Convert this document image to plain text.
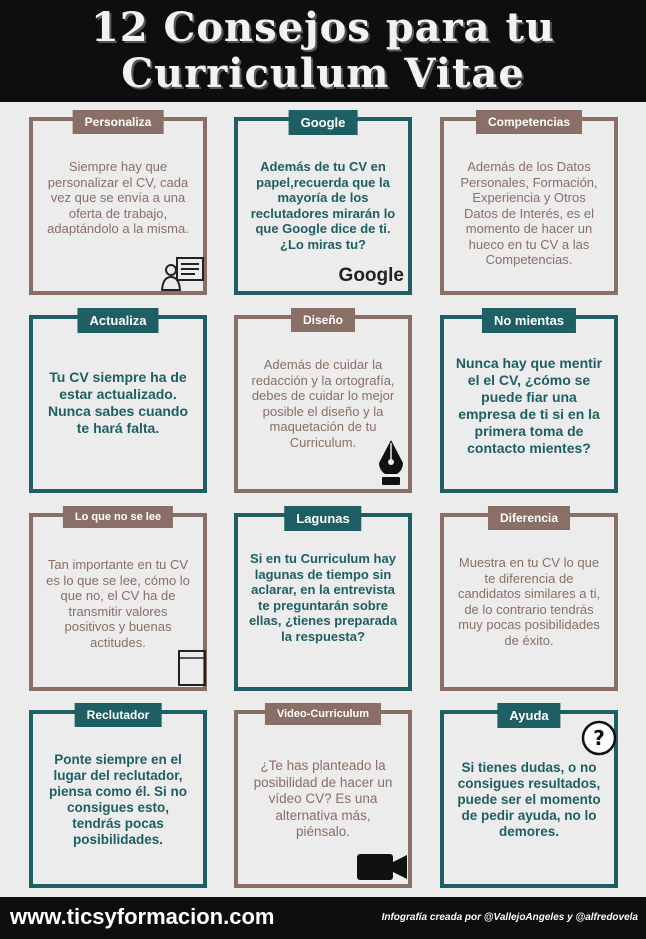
12 Consejos para tu
Curriculum Vitae
Personaliza
Siempre hay que personalizar el CV, cada vez que se envía a una oferta de trabajo, adaptándolo a la misma.
Google
Además de tu CV en papel,recuerda que la mayoría de los reclutadores mirarán lo que Google dice de ti. ¿Lo miras tu?
Google
Competencias
Además de los Datos Personales, Formación, Experiencia y Otros Datos de Interés, es el momento de hacer un hueco en tu CV a las Competencias.
Actualiza
Tu CV siempre ha de estar actualizado. Nunca sabes cuando te hará falta.
Diseño
Además de cuidar la redacción y la ortografía, debes de cuidar lo mejor posible el diseño y la maquetación de tu Curriculum.
No mientas
Nunca hay que mentir el el CV, ¿cómo se puede fiar una empresa de ti si en la primera toma de contacto mientes?
Lo que no se lee
Tan importante en tu CV es lo que se lee, cómo lo que no, el CV ha de transmitir valores positivos y buenas actitudes.
Lagunas
Si en tu Curriculum hay lagunas de tiempo sin aclarar, en la entrevista te preguntarán sobre ellas, ¿tienes preparada la respuesta?
Diferencia
Muestra en tu CV lo que te diferencia de candidatos similares a ti, de lo contrario tendrás muy pocas posibilidades de éxito.
Reclutador
Ponte siempre en el lugar del reclutador, piensa como él. Si no consigues esto, tendrás pocas posibilidades.
Video-Curriculum
¿Te has planteado la posibilidad de hacer un vídeo CV? Es una alternativa más, piénsalo.
Ayuda
?
Si tienes dudas, o no consigues resultados, puede ser el momento de pedir ayuda, no lo demores.
www.ticsyformacion.com	Infografía creada por @VallejoAngeles y @alfredovela
